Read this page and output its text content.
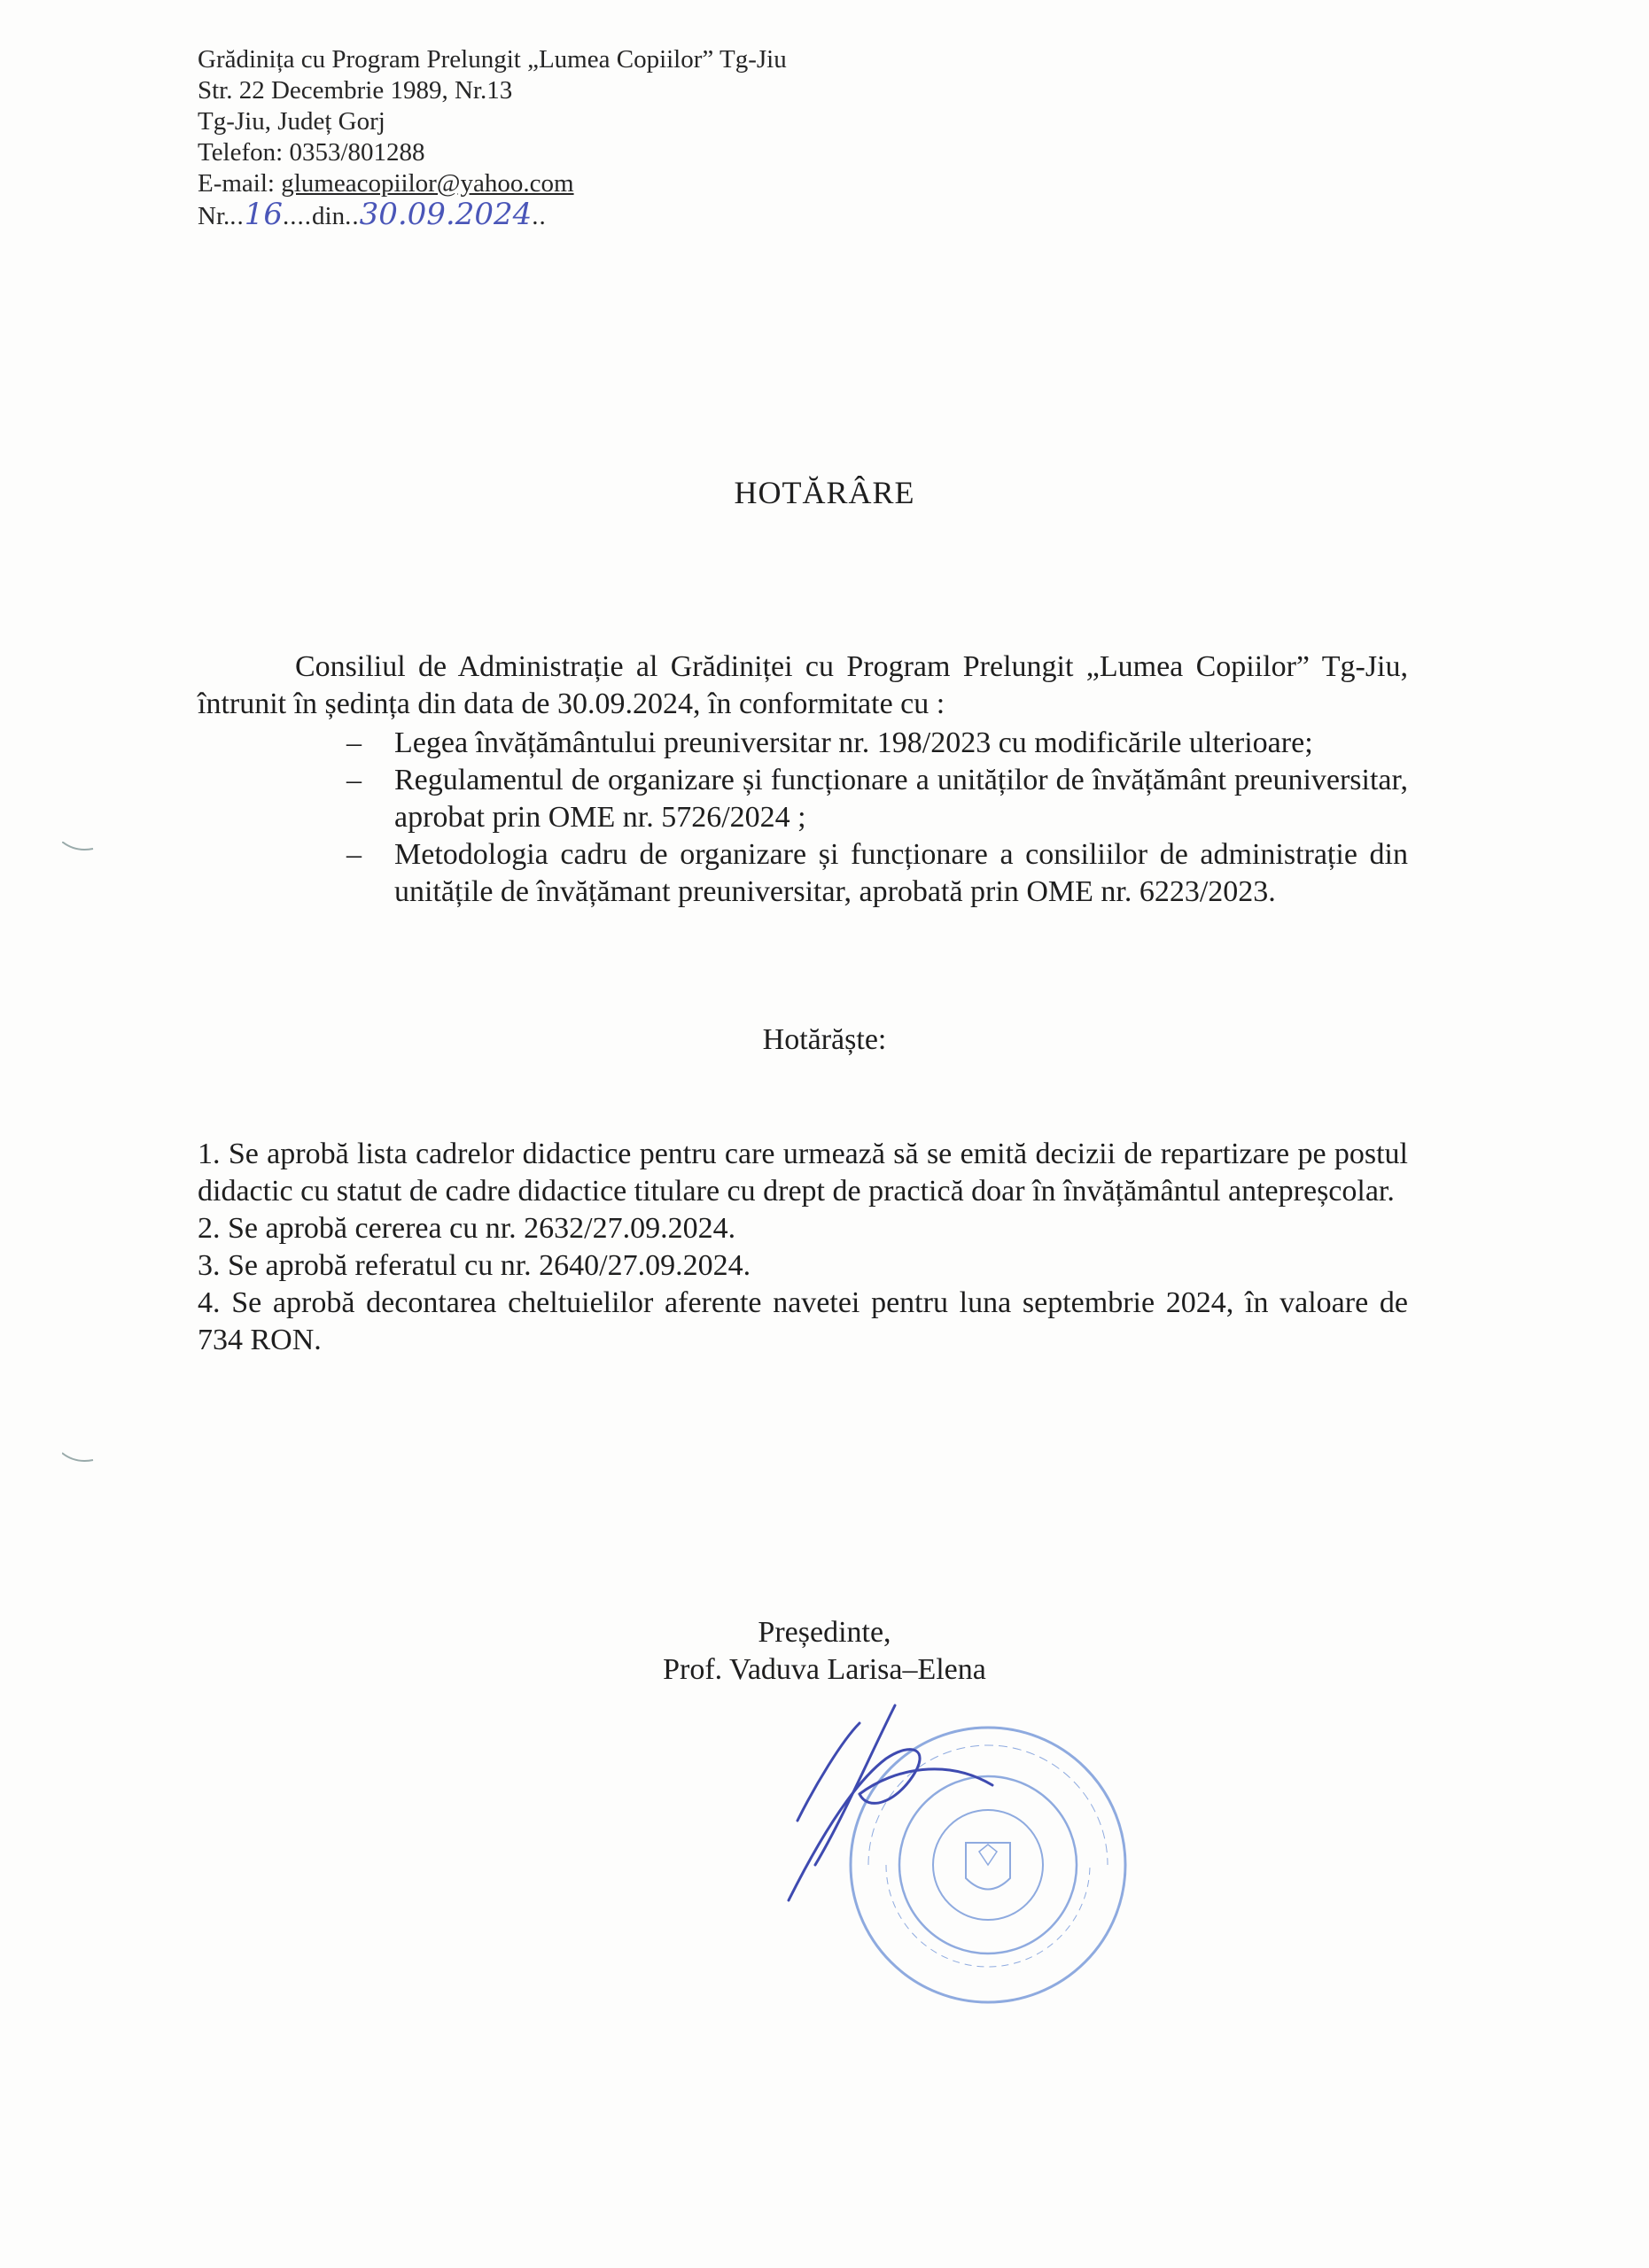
Grădinița cu Program Prelungit „Lumea Copiilor” Tg-Jiu
Str. 22 Decembrie 1989, Nr.13
Tg-Jiu, Județ Gorj
Telefon: 0353/801288
E-mail: glumeacopiilor@yahoo.com
Nr...16....din..30.09.2024..
HOTĂRÂRE
Consiliul de Administrație al Grădiniței cu Program Prelungit „Lumea Copiilor” Tg-Jiu, întrunit în ședința din data de 30.09.2024, în conformitate cu :
– Legea învățământului preuniversitar nr. 198/2023 cu modificările ulterioare;
– Regulamentul de organizare și funcționare a unităților de învățământ preuniversitar, aprobat prin OME nr. 5726/2024 ;
– Metodologia cadru de organizare și funcționare a consiliilor de administrație din unitățile de învățămant preuniversitar, aprobată prin OME nr. 6223/2023.
Hotărăște:
1. Se aprobă lista cadrelor didactice pentru care urmează să se emită decizii de repartizare pe postul didactic cu statut de cadre didactice titulare cu drept de practică doar în învățământul antepreșcolar.
2. Se aprobă cererea cu nr. 2632/27.09.2024.
3. Se aprobă referatul cu nr. 2640/27.09.2024.
4. Se aprobă decontarea cheltuielilor aferente navetei pentru luna septembrie 2024, în valoare de 734 RON.
Președinte,
Prof. Vaduva Larisa–Elena
